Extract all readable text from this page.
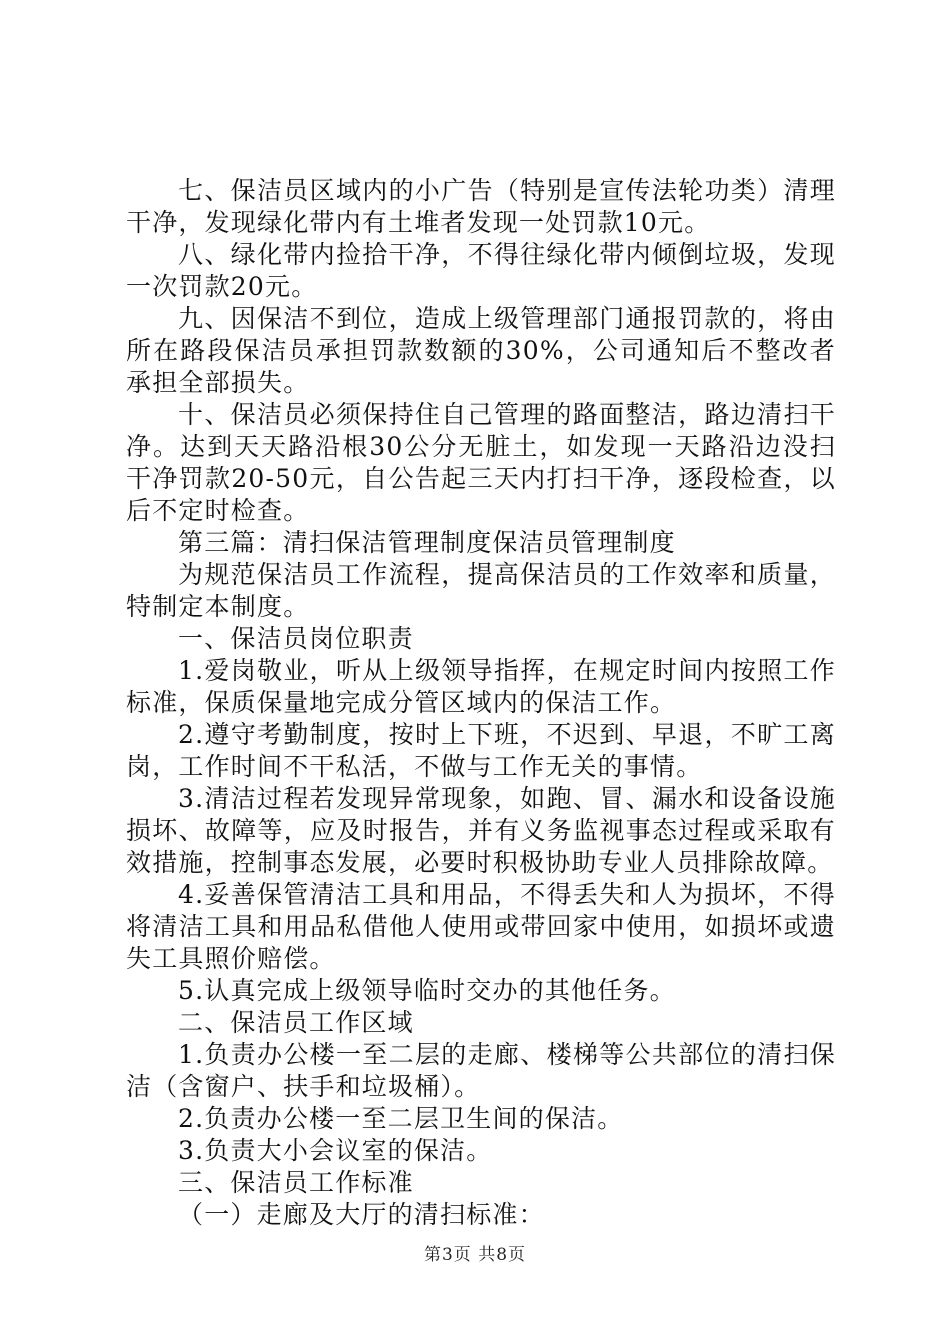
七、保洁员区域内的小广告（特别是宣传法轮功类）清理干净，发现绿化带内有土堆者发现一处罚款10元。

八、绿化带内捡拾干净，不得往绿化带内倾倒垃圾，发现一次罚款20元。

九、因保洁不到位，造成上级管理部门通报罚款的，将由所在路段保洁员承担罚款数额的30%，公司通知后不整改者承担全部损失。

十、保洁员必须保持住自己管理的路面整洁，路边清扫干净。达到天天路沿根30公分无脏土，如发现一天路沿边没扫干净罚款20-50元，自公告起三天内打扫干净，逐段检查，以后不定时检查。

第三篇：清扫保洁管理制度保洁员管理制度

为规范保洁员工作流程，提高保洁员的工作效率和质量，特制定本制度。

一、保洁员岗位职责

1.爱岗敬业，听从上级领导指挥，在规定时间内按照工作标准，保质保量地完成分管区域内的保洁工作。

2.遵守考勤制度，按时上下班，不迟到、早退，不旷工离岗，工作时间不干私活，不做与工作无关的事情。

3.清洁过程若发现异常现象，如跑、冒、漏水和设备设施损坏、故障等，应及时报告，并有义务监视事态过程或采取有效措施，控制事态发展，必要时积极协助专业人员排除故障。

4.妥善保管清洁工具和用品，不得丢失和人为损坏，不得将清洁工具和用品私借他人使用或带回家中使用，如损坏或遗失工具照价赔偿。

5.认真完成上级领导临时交办的其他任务。

二、保洁员工作区域

1.负责办公楼一至二层的走廊、楼梯等公共部位的清扫保洁（含窗户、扶手和垃圾桶）。

2.负责办公楼一至二层卫生间的保洁。

3.负责大小会议室的保洁。

三、保洁员工作标准

（一）走廊及大厅的清扫标准：

第3页 共8页
